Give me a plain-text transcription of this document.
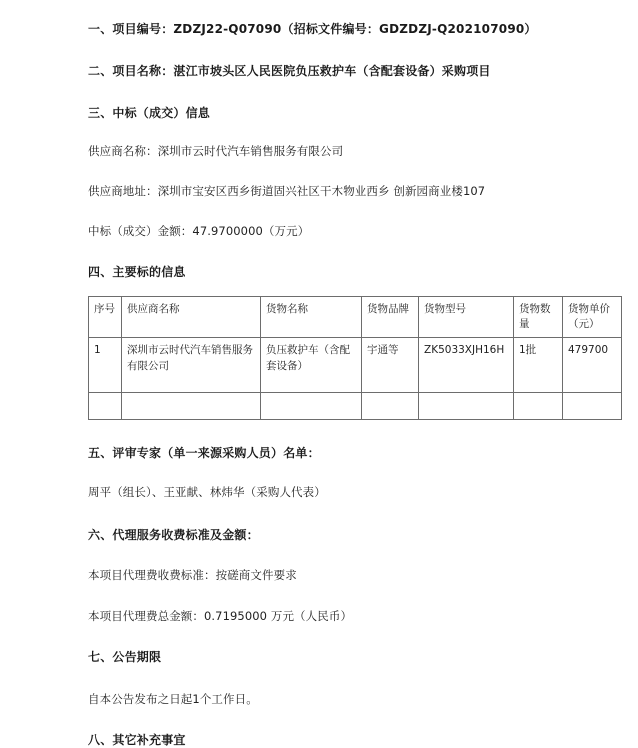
一、项目编号：ZDZJ22-Q07090（招标文件编号：GDZDZJ-Q202107090）
二、项目名称：湛江市坡头区人民医院负压救护车（含配套设备）采购项目
三、中标（成交）信息
供应商名称：深圳市云时代汽车销售服务有限公司
供应商地址：深圳市宝安区西乡街道固兴社区干木物业西乡 创新园商业楼107
中标（成交）金额：47.9700000（万元）
四、主要标的信息
序号	供应商名称	货物名称	货物品牌	货物型号	货物数量	货物单价（元）
1	深圳市云时代汽车销售服务有限公司	负压救护车（含配套设备）	宇通等	ZK5033XJH16H	1批	479700

五、评审专家（单一来源采购人员）名单：
周平（组长）、王亚献、林炜华（采购人代表）
六、代理服务收费标准及金额：
本项目代理费收费标准：按磋商文件要求
本项目代理费总金额：0.7195000 万元（人民币）
七、公告期限
自本公告发布之日起1个工作日。
八、其它补充事宜
